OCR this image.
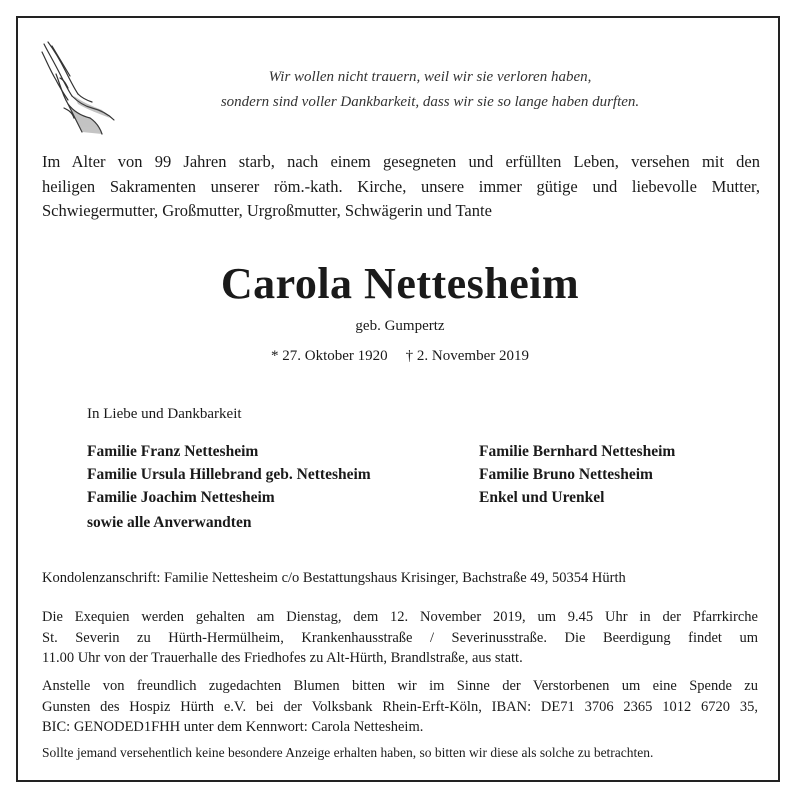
Wir wollen nicht trauern, weil wir sie verloren haben,
sondern sind voller Dankbarkeit, dass wir sie so lange haben durften.
Im Alter von 99 Jahren starb, nach einem gesegneten und erfüllten Leben, versehen mit den
heiligen Sakramenten unserer röm.-kath. Kirche, unsere immer gütige und liebevolle Mutter,
Schwiegermutter, Großmutter, Urgroßmutter, Schwägerin und Tante
Carola Nettesheim
geb. Gumpertz
* 27. Oktober 1920 † 2. November 2019
In Liebe und Dankbarkeit
Familie Franz Nettesheim
Familie Ursula Hillebrand geb. Nettesheim
Familie Joachim Nettesheim
Familie Bernhard Nettesheim
Familie Bruno Nettesheim
Enkel und Urenkel
sowie alle Anverwandten
Kondolenzanschrift: Familie Nettesheim c/o Bestattungshaus Krisinger, Bachstraße 49, 50354 Hürth
Die Exequien werden gehalten am Dienstag, dem 12. November 2019, um 9.45 Uhr in der Pfarrkirche
St. Severin zu Hürth-Hermülheim, Krankenhausstraße / Severinusstraße. Die Beerdigung findet um
11.00 Uhr von der Trauerhalle des Friedhofes zu Alt-Hürth, Brandlstraße, aus statt.
Anstelle von freundlich zugedachten Blumen bitten wir im Sinne der Verstorbenen um eine Spende zu
Gunsten des Hospiz Hürth e.V. bei der Volksbank Rhein-Erft-Köln, IBAN: DE71 3706 2365 1012 6720 35,
BIC: GENODED1FHH unter dem Kennwort: Carola Nettesheim.
Sollte jemand versehentlich keine besondere Anzeige erhalten haben, so bitten wir diese als solche zu betrachten.
